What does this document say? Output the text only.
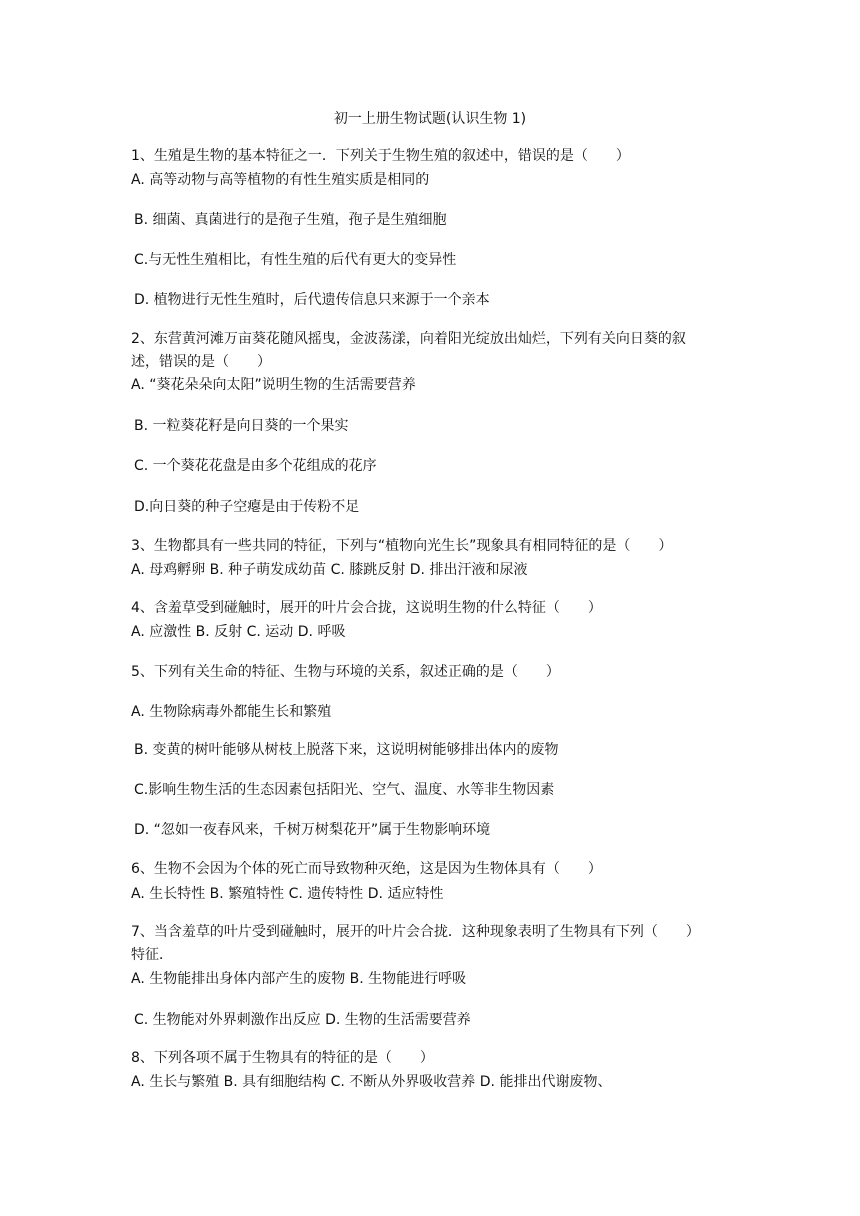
初一上册生物试题(认识生物 1)
1、生殖是生物的基本特征之一．下列关于生物生殖的叙述中，错误的是（　　）
A. 高等动物与高等植物的有性生殖实质是相同的
B. 细菌、真菌进行的是孢子生殖，孢子是生殖细胞
C.与无性生殖相比，有性生殖的后代有更大的变异性
D. 植物进行无性生殖时，后代遗传信息只来源于一个亲本
2、东营黄河滩万亩葵花随风摇曳，金波荡漾，向着阳光绽放出灿烂，下列有关向日葵的叙
述，错误的是（　　）
A. “葵花朵朵向太阳”说明生物的生活需要营养
B. 一粒葵花籽是向日葵的一个果实
C. 一个葵花花盘是由多个花组成的花序
D.向日葵的种子空瘪是由于传粉不足
3、生物都具有一些共同的特征，下列与“植物向光生长”现象具有相同特征的是（　　）
A. 母鸡孵卵 B. 种子萌发成幼苗 C. 膝跳反射 D. 排出汗液和尿液
4、含羞草受到碰触时，展开的叶片会合拢，这说明生物的什么特征（　　）
A. 应激性 B. 反射 C. 运动 D. 呼吸
5、下列有关生命的特征、生物与环境的关系，叙述正确的是（　　）
A. 生物除病毒外都能生长和繁殖
B. 变黄的树叶能够从树枝上脱落下来，这说明树能够排出体内的废物
C.影响生物生活的生态因素包括阳光、空气、温度、水等非生物因素
D. “忽如一夜春风来，千树万树梨花开”属于生物影响环境
6、生物不会因为个体的死亡而导致物种灭绝，这是因为生物体具有（　　）
A. 生长特性 B. 繁殖特性 C. 遗传特性 D. 适应特性
7、当含羞草的叶片受到碰触时，展开的叶片会合拢．这种现象表明了生物具有下列（　　）
特征．
A. 生物能排出身体内部产生的废物 B. 生物能进行呼吸
C. 生物能对外界刺激作出反应 D. 生物的生活需要营养
8、下列各项不属于生物具有的特征的是（　　）
A. 生长与繁殖 B. 具有细胞结构 C. 不断从外界吸收营养 D. 能排出代谢废物、
